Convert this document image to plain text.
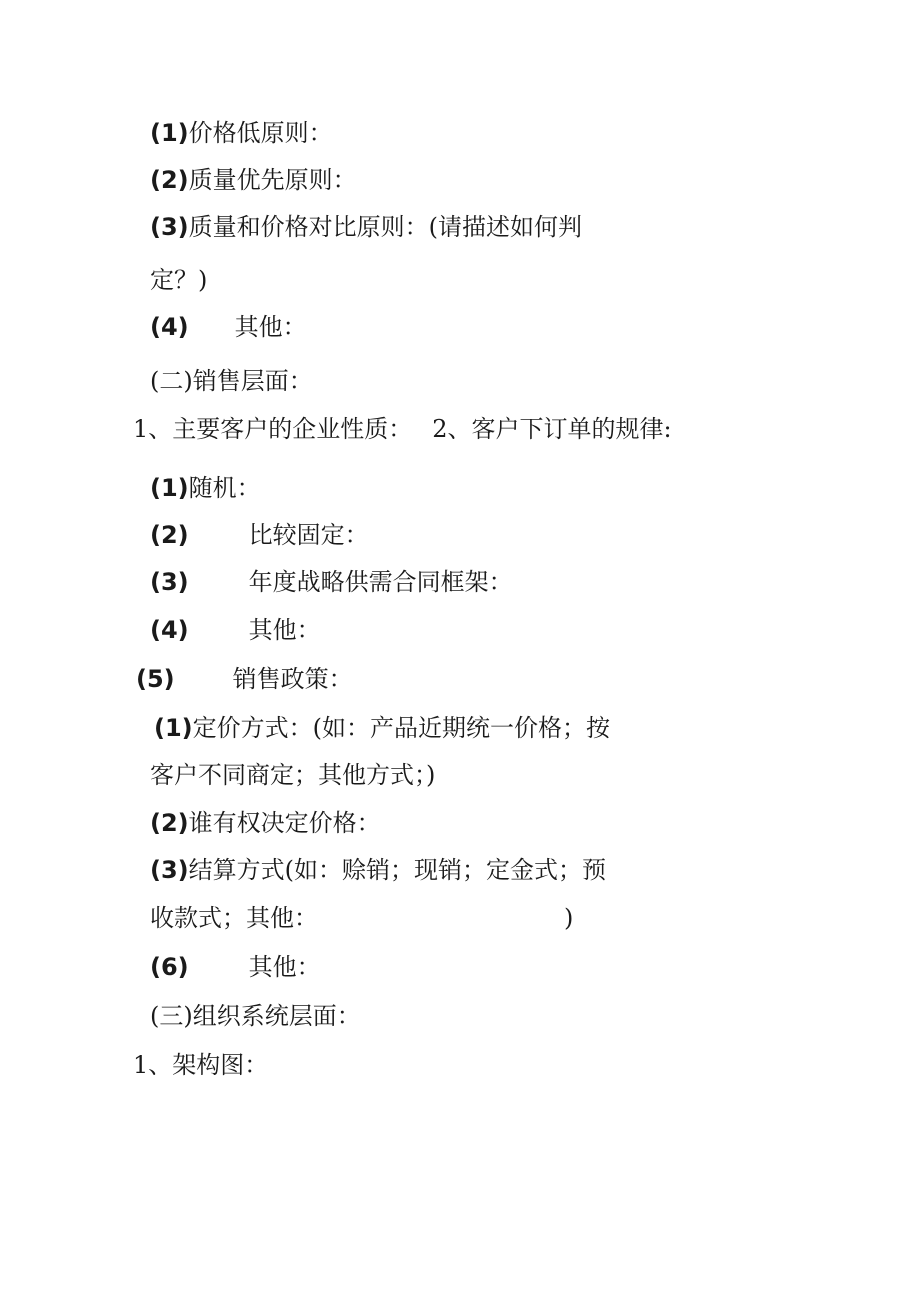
(1)价格低原则：
(2)质量优先原则：
(3)质量和价格对比原则：(请描述如何判
定？)
(4) 其他：
(二)销售层面：
1、主要客户的企业性质： 2、客户下订单的规律:
(1)随机：
(2)	比较固定：
(3)	年度战略供需合同框架：
(4)	其他：
(5) 销售政策：
(1)定价方式：(如：产品近期统一价格；按
客户不同商定；其他方式；)
(2)谁有权决定价格：
(3)结算方式(如：赊销；现销；定金式；预
收款式；其他：	)
(6)	其他：
(三)组织系统层面：
1、架构图：
